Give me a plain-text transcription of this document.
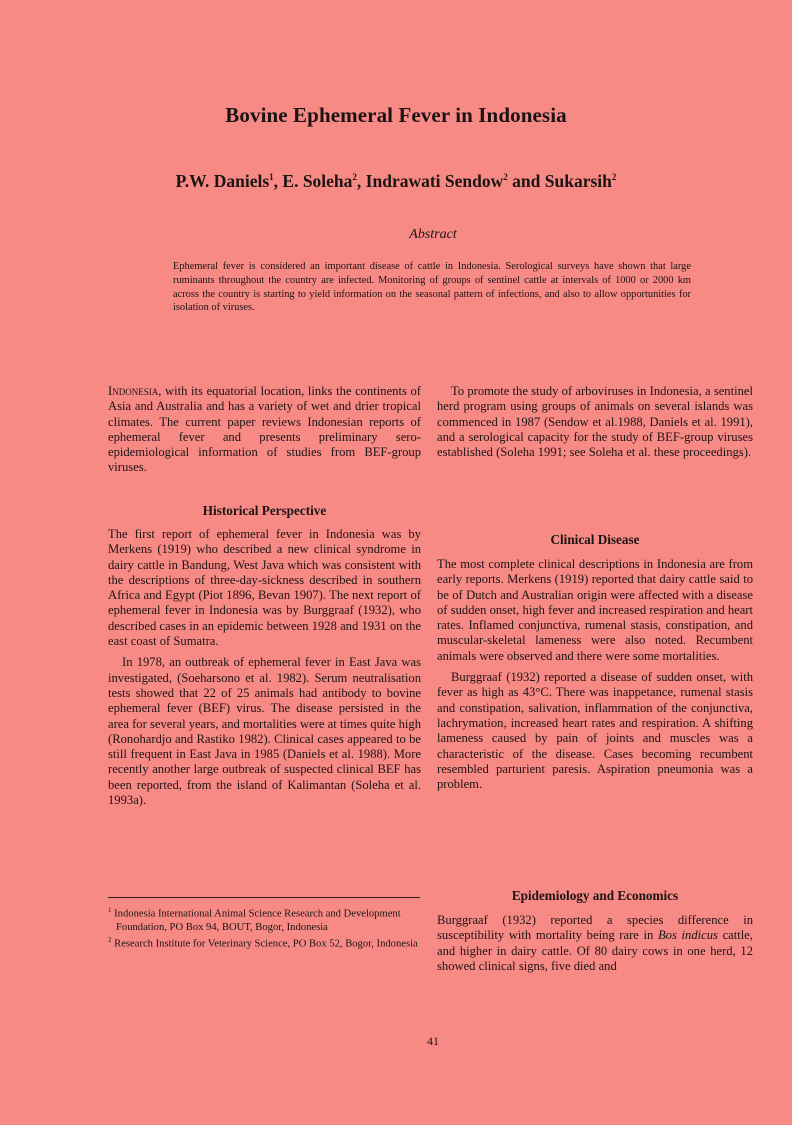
Bovine Ephemeral Fever in Indonesia
P.W. Daniels$^1$, E. Soleha$^2$, Indrawati Sendow$^2$ and Sukarsih$^2$
Abstract
Ephemeral fever is considered an important disease of cattle in Indonesia. Serological surveys have shown that large ruminants throughout the country are infected. Monitoring of groups of sentinel cattle at intervals of 1000 or 2000 km across the country is starting to yield information on the seasonal pattern of infections, and also to allow opportunities for isolation of viruses.

Indonesia, with its equatorial location, links the continents of Asia and Australia and has a variety of wet and drier tropical climates. The current paper reviews Indonesian reports of ephemeral fever and presents preliminary sero-epidemiological information of studies from BEF-group viruses.

Historical Perspective

The first report of ephemeral fever in Indonesia was by Merkens (1919) who described a new clinical syndrome in dairy cattle in Bandung, West Java which was consistent with the descriptions of three-day-sickness described in southern Africa and Egypt (Piot 1896, Bevan 1907). The next report of ephemeral fever in Indonesia was by Burggraaf (1932), who described cases in an epidemic between 1928 and 1931 on the east coast of Sumatra.

In 1978, an outbreak of ephemeral fever in East Java was investigated, (Soeharsono et al. 1982). Serum neutralisation tests showed that 22 of 25 animals had antibody to bovine ephemeral fever (BEF) virus. The disease persisted in the area for several years, and mortalities were at times quite high (Ronohardjo and Rastiko 1982). Clinical cases appeared to be still frequent in East Java in 1985 (Daniels et al. 1988). More recently another large outbreak of suspected clinical BEF has been reported, from the island of Kalimantan (Soleha et al. 1993a).

To promote the study of arboviruses in Indonesia, a sentinel herd program using groups of animals on several islands was commenced in 1987 (Sendow et al.1988, Daniels et al. 1991), and a serological capacity for the study of BEF-group viruses established (Soleha 1991; see Soleha et al. these proceedings).

Clinical Disease

The most complete clinical descriptions in Indonesia are from early reports. Merkens (1919) reported that dairy cattle said to be of Dutch and Australian origin were affected with a disease of sudden onset, high fever and increased respiration and heart rates. Inflamed conjunctiva, rumenal stasis, constipation, and muscular-skeletal lameness were also noted. Recumbent animals were observed and there were some mortalities.

Burggraaf (1932) reported a disease of sudden onset, with fever as high as 43°C. There was inappetance, rumenal stasis and constipation, salivation, inflammation of the conjunctiva, lachrymation, increased heart rates and respiration. A shifting lameness caused by pain of joints and muscles was a characteristic of the disease. Cases becoming recumbent resembled parturient paresis. Aspiration pneumonia was a problem.

Epidemiology and Economics

Burggraaf (1932) reported a species difference in susceptibility with mortality being rare in Bos indicus cattle, and higher in dairy cattle. Of 80 dairy cows in one herd, 12 showed clinical signs, five died and

$^1$ Indonesia International Animal Science Research and Development Foundation, PO Box 94, BOUT, Bogor, Indonesia

$^2$ Research Institute for Veterinary Science, PO Box 52, Bogor, Indonesia

41
